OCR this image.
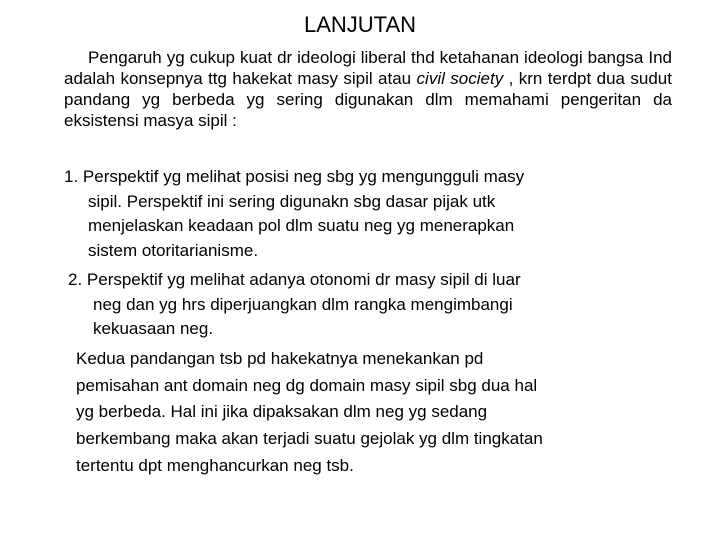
LANJUTAN

Pengaruh yg cukup kuat dr ideologi liberal thd ketahanan ideologi bangsa Ind adalah konsepnya ttg hakekat masy sipil atau civil society , krn terdpt dua sudut pandang yg berbeda yg sering digunakan dlm memahami pengeritan da eksistensi masya sipil :

1. Perspektif yg melihat posisi neg sbg yg mengungguli masy
sipil. Perspektif ini sering digunakn sbg dasar pijak utk
menjelaskan keadaan pol dlm suatu neg yg menerapkan
sistem otoritarianisme.
2. Perspektif yg melihat adanya otonomi dr masy sipil di luar
neg dan yg hrs diperjuangkan dlm rangka mengimbangi
kekuasaan neg.
Kedua pandangan tsb pd hakekatnya menekankan pd
pemisahan ant domain neg dg domain masy sipil sbg dua hal
yg berbeda. Hal ini jika dipaksakan dlm neg yg sedang
berkembang maka akan terjadi suatu gejolak yg dlm tingkatan
tertentu dpt menghancurkan neg tsb.
